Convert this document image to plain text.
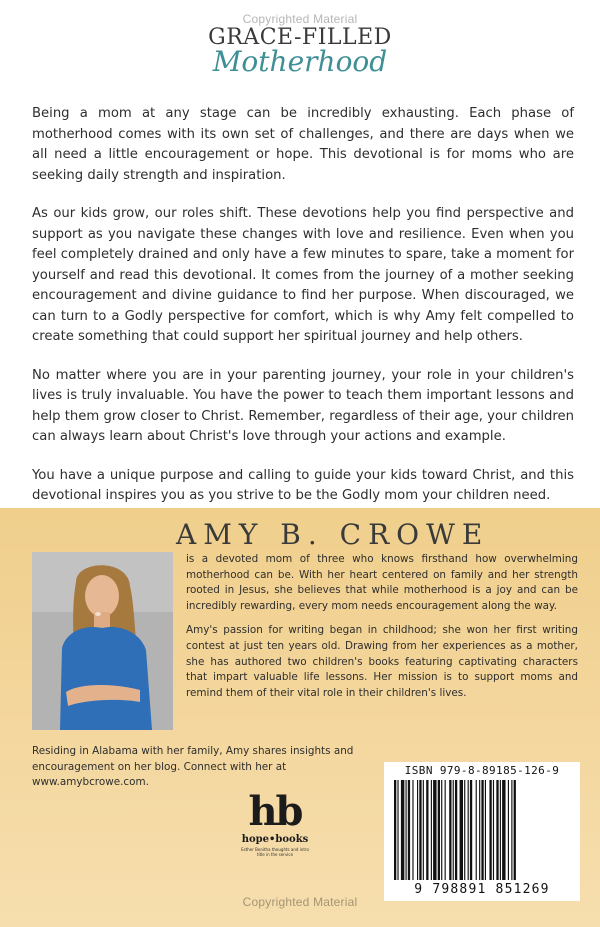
Copyrighted Material
GRACE-FILLED
Motherhood

Being a mom at any stage can be incredibly exhausting. Each phase of motherhood comes with its own set of challenges, and there are days when we all need a little encouragement or hope. This devotional is for moms who are seeking daily strength and inspiration.

As our kids grow, our roles shift. These devotions help you find perspective and support as you navigate these changes with love and resilience. Even when you feel completely drained and only have a few minutes to spare, take a moment for yourself and read this devotional. It comes from the journey of a mother seeking encouragement and divine guidance to find her purpose. When discouraged, we can turn to a Godly perspective for comfort, which is why Amy felt compelled to create something that could support her spiritual journey and help others.

No matter where you are in your parenting journey, your role in your children's lives is truly invaluable. You have the power to teach them important lessons and help them grow closer to Christ. Remember, regardless of their age, your children can always learn about Christ's love through your actions and example.

You have a unique purpose and calling to guide your kids toward Christ, and this devotional inspires you as you strive to be the Godly mom your children need.

AMY B. CROWE

is a devoted mom of three who knows firsthand how overwhelming motherhood can be. With her heart centered on family and her strength rooted in Jesus, she believes that while motherhood is a joy and can be incredibly rewarding, every mom needs encouragement along the way.

Amy's passion for writing began in childhood; she won her first writing contest at just ten years old. Drawing from her experiences as a mother, she has authored two children's books featuring captivating characters that impart valuable life lessons. Her mission is to support moms and remind them of their vital role in their children's lives.

Residing in Alabama with her family, Amy shares insights and encouragement on her blog. Connect with her at www.amybcrowe.com.
hb
hope•books
Esther Bonitha thoughts and intro title in the service
ISBN 979-8-89185-126-9
9 798891 851269
Copyrighted Material
